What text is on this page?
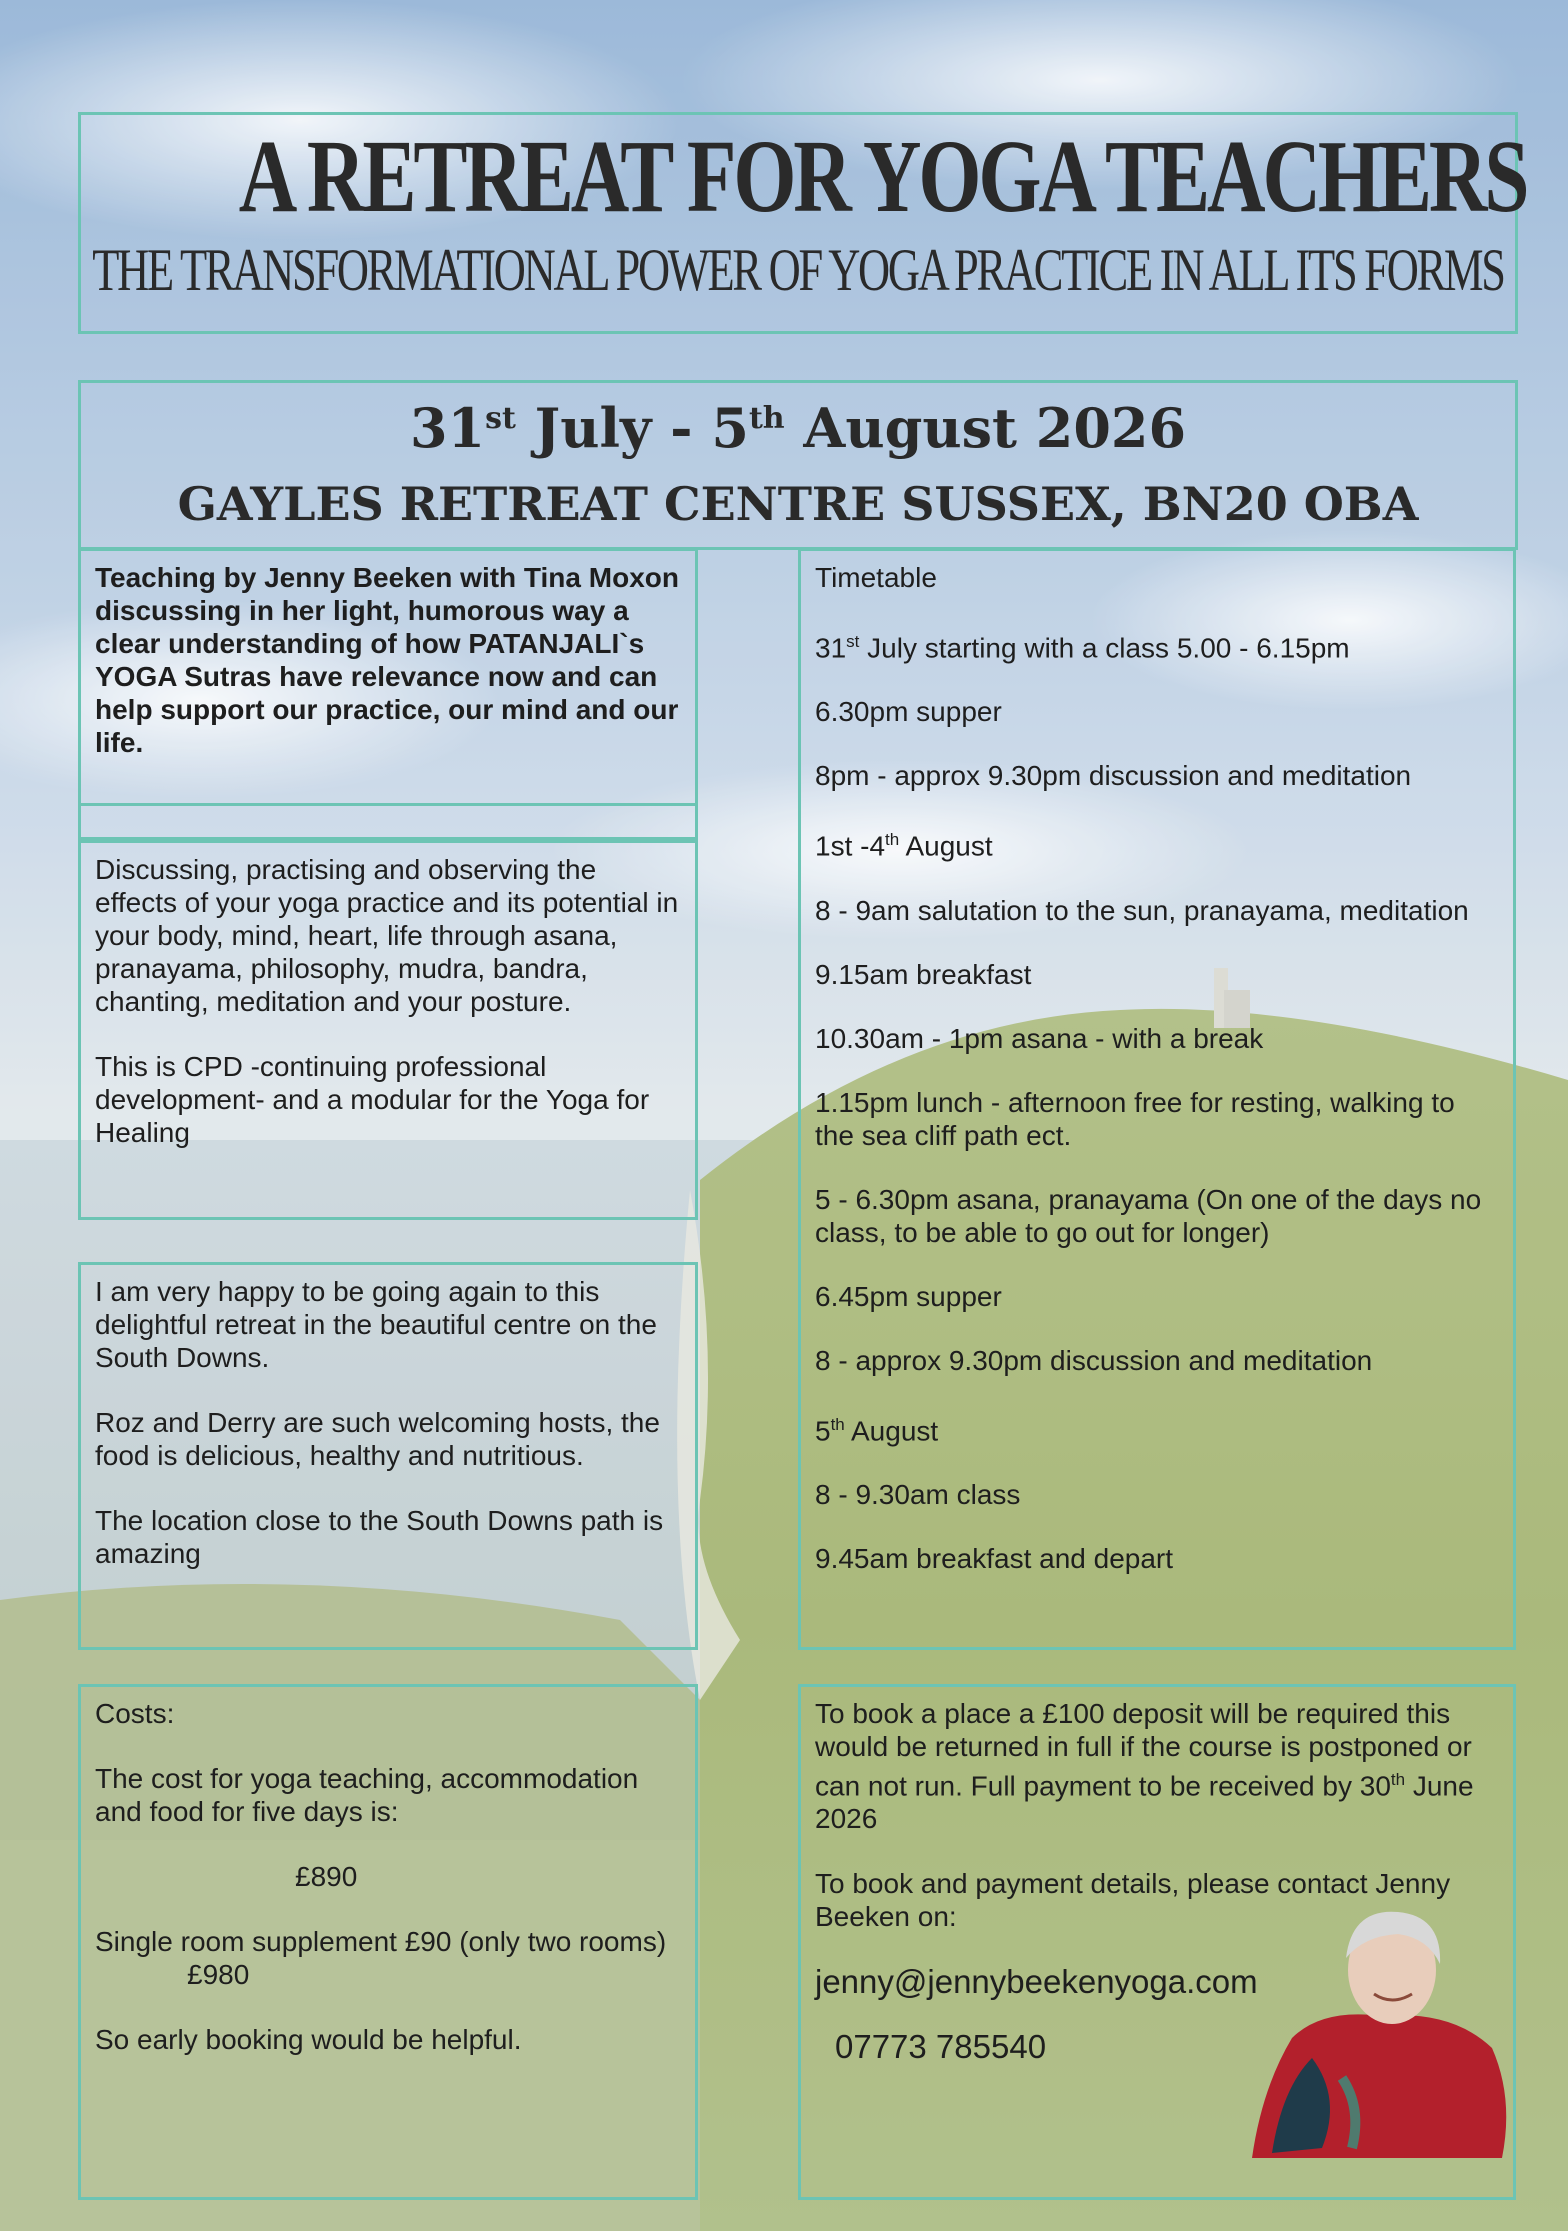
A RETREAT FOR YOGA TEACHERS
THE TRANSFORMATIONAL POWER OF YOGA PRACTICE IN ALL ITS FORMS
31st July - 5th August 2026
GAYLES RETREAT CENTRE SUSSEX, BN20 OBA

Teaching by Jenny Beeken with Tina Moxon discussing in her light, humorous way a clear understanding of how PATANJALI`s YOGA Sutras have relevance now and can help support our practice, our mind and our life.

Discussing, practising and observing the effects of your yoga practice and its potential in your body, mind, heart, life through asana, pranayama, philosophy, mudra, bandra, chanting, meditation and your posture.

This is CPD -continuing professional development- and a modular for the Yoga for Healing

I am very happy to be going again to this delightful retreat in the beautiful centre on the South Downs.

Roz and Derry are such welcoming hosts, the food is delicious, healthy and nutritious.

The location close to the South Downs path is amazing

Timetable

31st July starting with a class 5.00 - 6.15pm

6.30pm supper

8pm - approx 9.30pm discussion and meditation

1st -4th August

8 - 9am salutation to the sun, pranayama, meditation

9.15am breakfast

10.30am - 1pm asana - with a break

1.15pm lunch - afternoon free for resting, walking to the sea cliff path ect.

5 - 6.30pm asana, pranayama (On one of the days no class, to be able to go out for longer)

6.45pm supper

8 - approx 9.30pm discussion and meditation

5th August

8 - 9.30am class

9.45am breakfast and depart

Costs:

The cost for yoga teaching, accommodation and food for five days is:

£890

Single room supplement £90 (only two rooms)£980

So early booking would be helpful.

To book a place a £100 deposit will be required this would be returned in full if the course is postponed or can not run. Full payment to be received by 30th June 2026

To book and payment details, please contact Jenny Beeken on:

jenny@jennybeekenyoga.com

07773 785540
